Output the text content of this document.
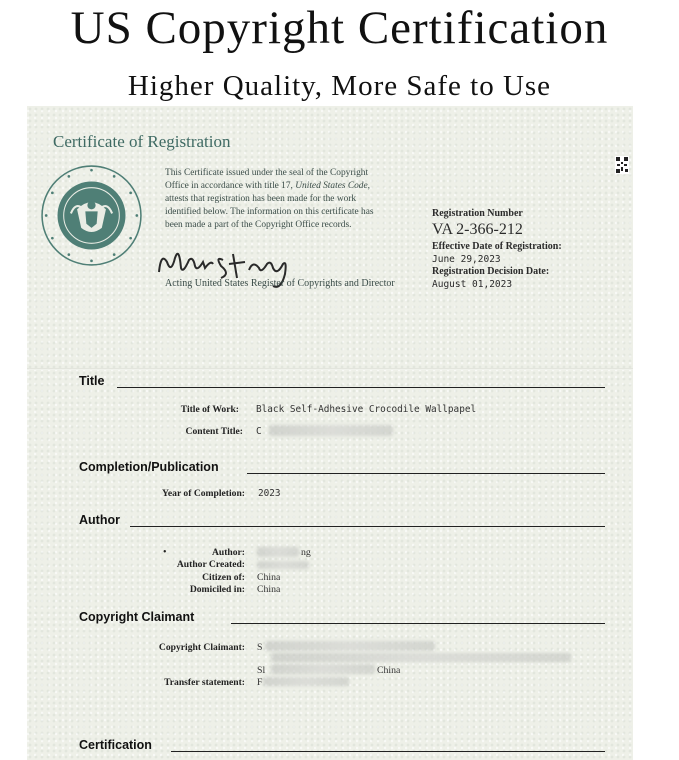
US Copyright Certification
Higher Quality, More Safe to Use
Certificate of Registration
This Certificate issued under the seal of the Copyright
Office in accordance with title 17, United States Code,
attests that registration has been made for the work
identified below. The information on this certificate has
been made a part of the Copyright Office records.
Acting United States Register of Copyrights and Director
Registration Number
VA 2-366-212
Effective Date of Registration:
June 29,2023
Registration Decision Date:
August 01,2023
Title
Title of Work: Black Self-Adhesive Crocodile Wallpapel
Content Title: C
Completion/Publication
Year of Completion: 2023
Author
•	Author:	ng
Author Created:
Citizen of: China
Domiciled in: China
Copyright Claimant
Copyright Claimant: S
Sl	China
Transfer statement: F
Certification
